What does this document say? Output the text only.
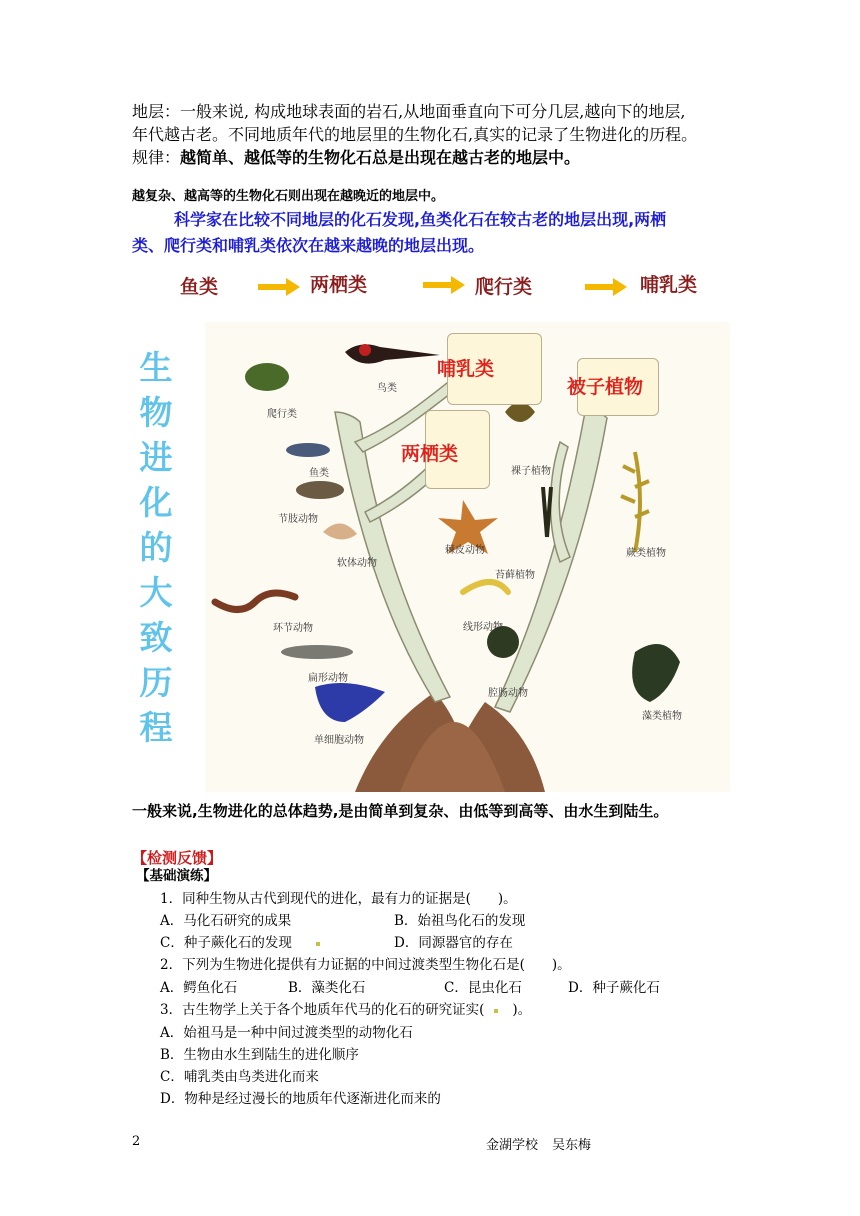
地层：一般来说, 构成地球表面的岩石,从地面垂直向下可分几层,越向下的地层,
年代越古老。不同地质年代的地层里的生物化石,真实的记录了生物进化的历程。
规律：越简单、越低等的生物化石总是出现在越古老的地层中。
越复杂、越高等的生物化石则出现在越晚近的地层中。
科学家在比较不同地层的化石发现,鱼类化石在较古老的地层出现,两栖
类、爬行类和哺乳类依次在越来越晚的地层出现。
鱼类	两栖类	爬行类	哺乳类
生
物
进
化
的
大
致
历
程
哺乳类
被子植物
两栖类
鸟类
爬行类
鱼类
节肢动物
软体动物
环节动物
扁形动物
单细胞动物
棘皮动物
线形动物
腔肠动物
裸子植物
苔藓植物
蕨类植物
藻类植物
一般来说,生物进化的总体趋势,是由简单到复杂、由低等到高等、由水生到陆生。
【检测反馈】
【基础演练】
1．同种生物从古代到现代的进化，最有力的证据是(　　)。
A．马化石研究的成果	B．始祖鸟化石的发现
C．种子蕨化石的发现	D．同源器官的存在
2．下列为生物进化提供有力证据的中间过渡类型生物化石是(　　)。
A．鳄鱼化石	B．藻类化石	C．昆虫化石	D．种子蕨化石
3．古生物学上关于各个地质年代马的化石的研究证实( )。
A．始祖马是一种中间过渡类型的动物化石
B．生物由水生到陆生的进化顺序
C．哺乳类由鸟类进化而来
D．物种是经过漫长的地质年代逐渐进化而来的
2	金湖学校 吴东梅
